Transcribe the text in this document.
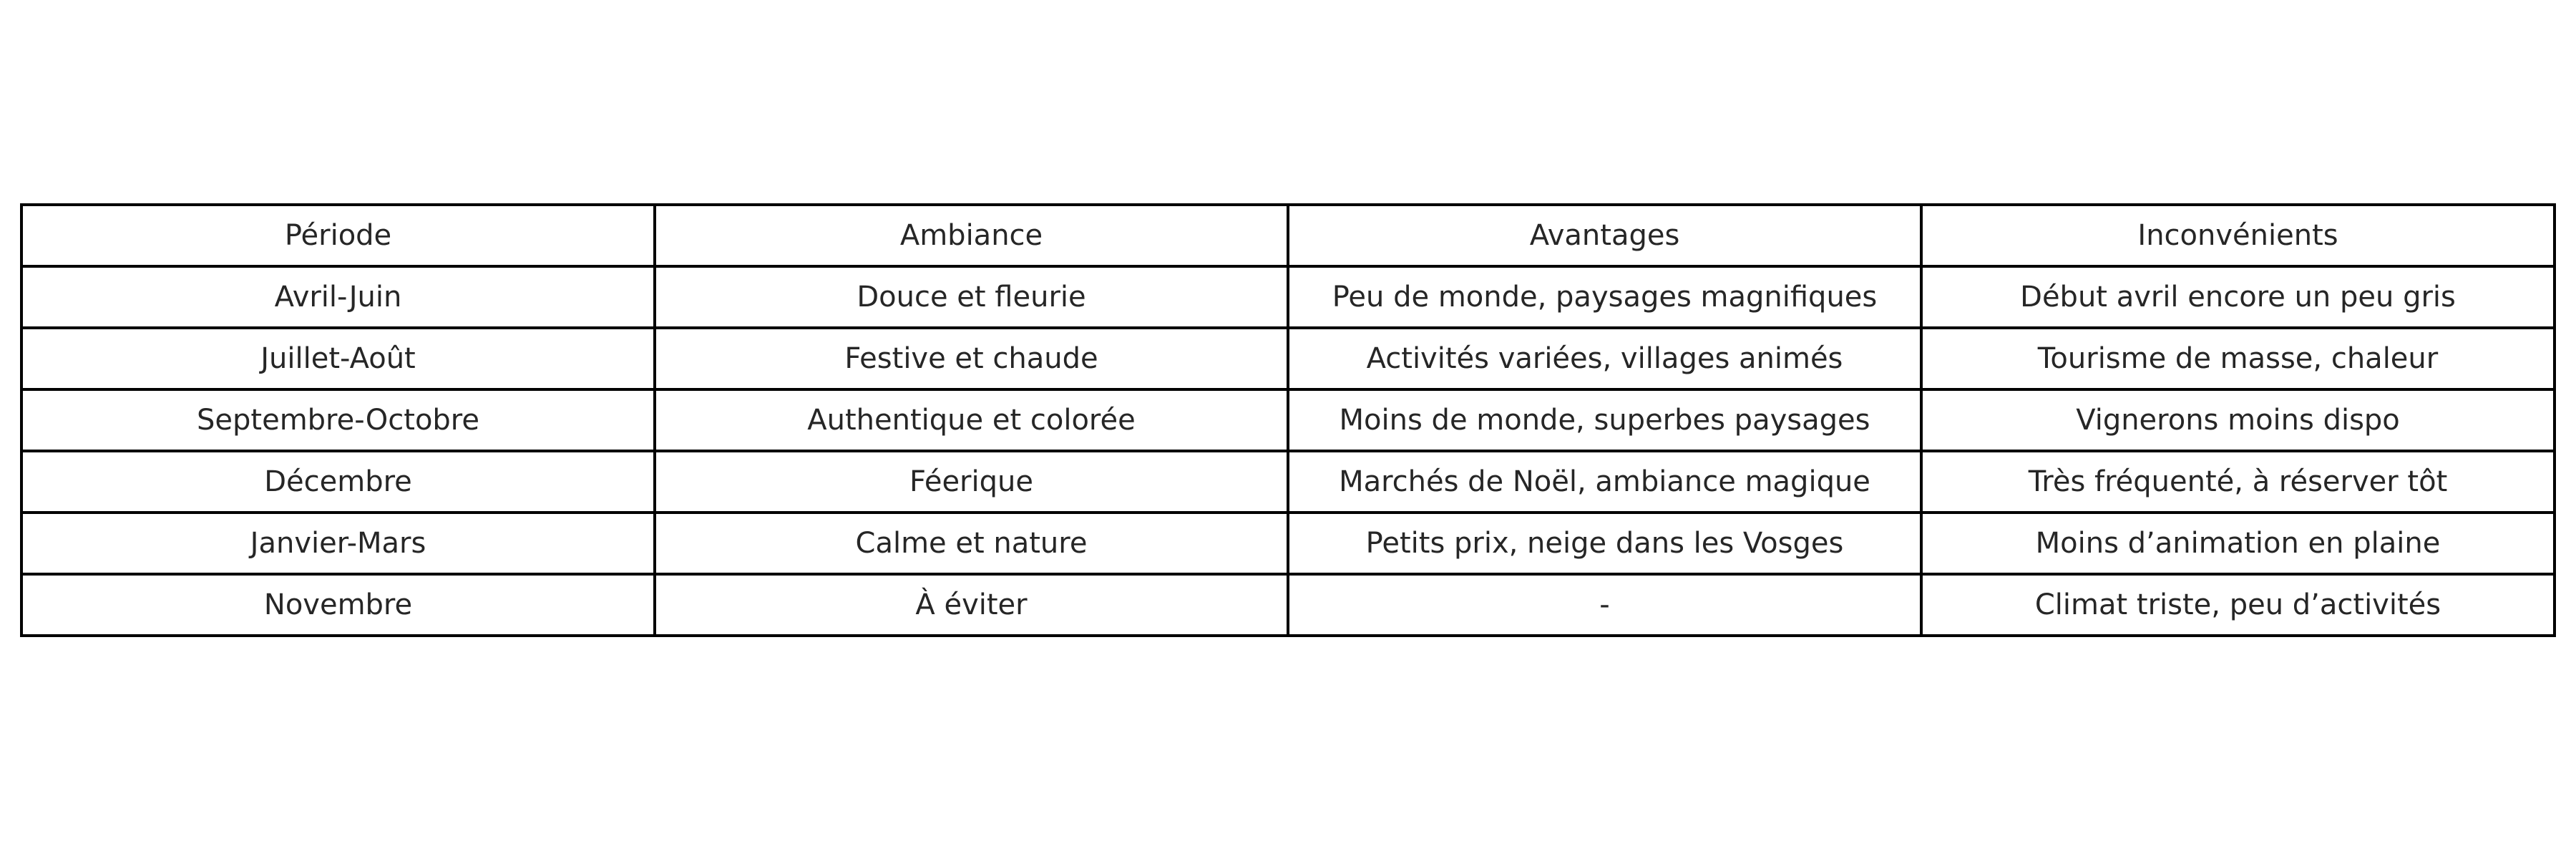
Période	Ambiance	Avantages	Inconvénients
Avril-Juin	Douce et fleurie	Peu de monde, paysages magnifiques	Début avril encore un peu gris
Juillet-Août	Festive et chaude	Activités variées, villages animés	Tourisme de masse, chaleur
Septembre-Octobre	Authentique et colorée	Moins de monde, superbes paysages	Vignerons moins dispo
Décembre	Féerique	Marchés de Noël, ambiance magique	Très fréquenté, à réserver tôt
Janvier-Mars	Calme et nature	Petits prix, neige dans les Vosges	Moins d’animation en plaine
Novembre	À éviter	-	Climat triste, peu d’activités
